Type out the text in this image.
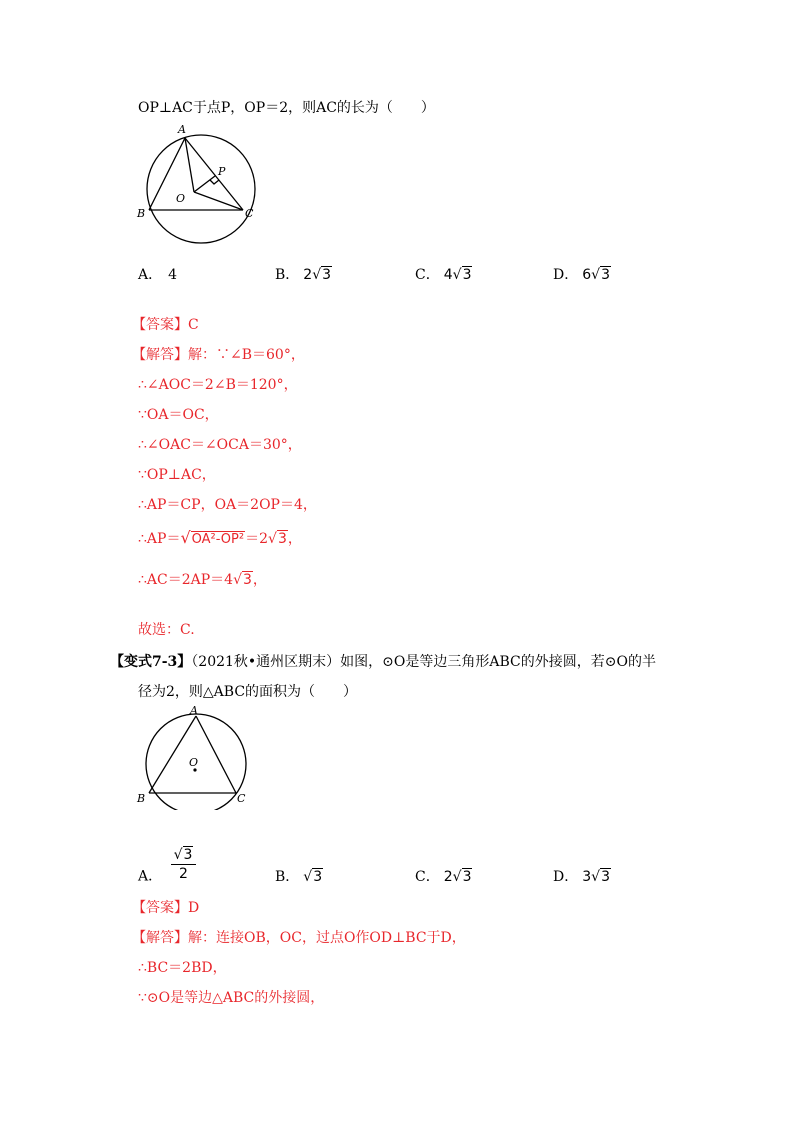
OP⊥AC于点P，OP＝2，则AC的长为（　　）
A
B	C
O
P
A． 4	B． 2√3	C． 4√3	D． 6√3
【答案】C
【解答】解：∵∠B＝60°，
∴∠AOC＝2∠B＝120°，
∵OA＝OC，
∴∠OAC＝∠OCA＝30°，
∵OP⊥AC，
∴AP＝CP，OA＝2OP＝4，
∴AP＝√OA²-OP²＝2√3，
∴AC＝2AP＝4√3，
故选：C.
【变式7-3】（2021秋•通州区期末）如图，⊙O是等边三角形ABC的外接圆，若⊙O的半
径为2，则△ABC的面积为（　　）
A
B	C
O
A． $\frac{√3}{2}$	B． √3	C． 2√3	D． 3√3
【答案】D
【解答】解：连接OB，OC，过点O作OD⊥BC于D，
∴BC＝2BD，
∵⊙O是等边△ABC的外接圆，
